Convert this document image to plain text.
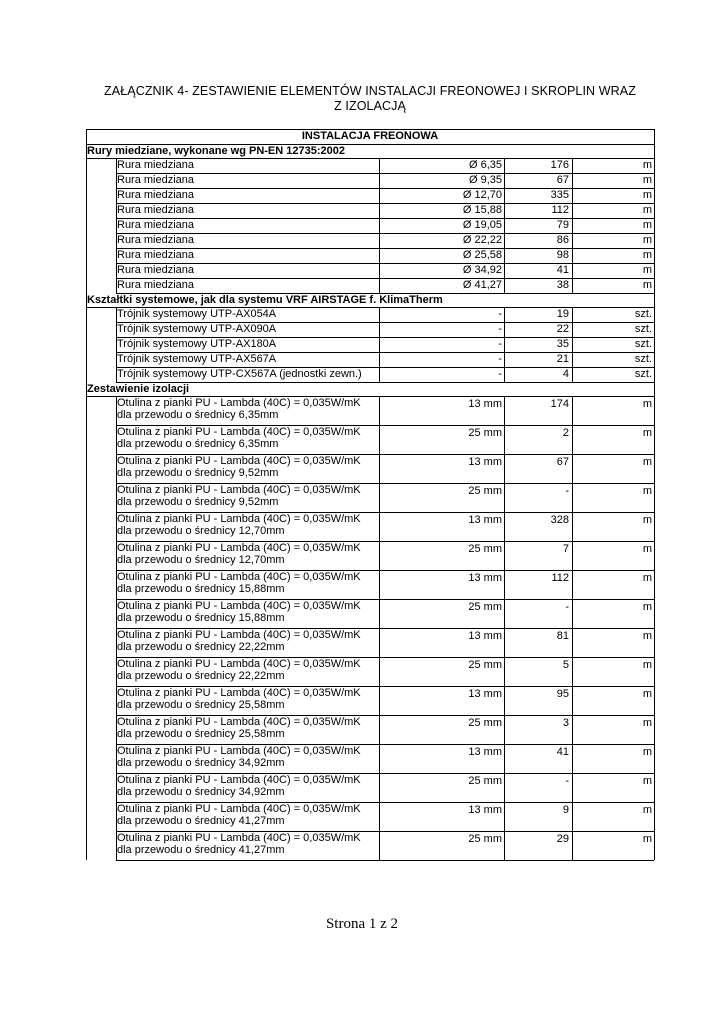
ZAŁĄCZNIK 4- ZESTAWIENIE ELEMENTÓW INSTALACJI FREONOWEJ I SKROPLIN WRAZ Z IZOLACJĄ
INSTALACJA FREONOWA
Rury miedziane, wykonane wg PN-EN 12735:2002
Rura miedziana	Ø 6,35	176	m
Rura miedziana	Ø 9,35	67	m
Rura miedziana	Ø 12,70	335	m
Rura miedziana	Ø 15,88	112	m
Rura miedziana	Ø 19,05	79	m
Rura miedziana	Ø 22,22	86	m
Rura miedziana	Ø 25,58	98	m
Rura miedziana	Ø 34,92	41	m
Rura miedziana	Ø 41,27	38	m
Kształtki systemowe, jak dla systemu VRF AIRSTAGE f. KlimaTherm
Trójnik systemowy UTP-AX054A	-	19	szt.
Trójnik systemowy UTP-AX090A	-	22	szt.
Trójnik systemowy UTP-AX180A	-	35	szt.
Trójnik systemowy UTP-AX567A	-	21	szt.
Trójnik systemowy UTP-CX567A (jednostki zewn.)	-	4	szt.
Zestawienie izolacji
Otulina z pianki PU - Lambda (40C) = 0,035W/mK
dla przewodu o średnicy 6,35mm
13 mm	174	m
Otulina z pianki PU - Lambda (40C) = 0,035W/mK
dla przewodu o średnicy 6,35mm
25 mm	2	m
Otulina z pianki PU - Lambda (40C) = 0,035W/mK
dla przewodu o średnicy 9,52mm
13 mm	67	m
Otulina z pianki PU - Lambda (40C) = 0,035W/mK
dla przewodu o średnicy 9,52mm
25 mm	-	m
Otulina z pianki PU - Lambda (40C) = 0,035W/mK
dla przewodu o średnicy 12,70mm
13 mm	328	m
Otulina z pianki PU - Lambda (40C) = 0,035W/mK
dla przewodu o średnicy 12,70mm
25 mm	7	m
Otulina z pianki PU - Lambda (40C) = 0,035W/mK
dla przewodu o średnicy 15,88mm
13 mm	112	m
Otulina z pianki PU - Lambda (40C) = 0,035W/mK
dla przewodu o średnicy 15,88mm
25 mm	-	m
Otulina z pianki PU - Lambda (40C) = 0,035W/mK
dla przewodu o średnicy 22,22mm
13 mm	81	m
Otulina z pianki PU - Lambda (40C) = 0,035W/mK
dla przewodu o średnicy 22,22mm
25 mm	5	m
Otulina z pianki PU - Lambda (40C) = 0,035W/mK
dla przewodu o średnicy 25,58mm
13 mm	95	m
Otulina z pianki PU - Lambda (40C) = 0,035W/mK
dla przewodu o średnicy 25,58mm
25 mm	3	m
Otulina z pianki PU - Lambda (40C) = 0,035W/mK
dla przewodu o średnicy 34,92mm
13 mm	41	m
Otulina z pianki PU - Lambda (40C) = 0,035W/mK
dla przewodu o średnicy 34,92mm
25 mm	-	m
Otulina z pianki PU - Lambda (40C) = 0,035W/mK
dla przewodu o średnicy 41,27mm
13 mm	9	m
Otulina z pianki PU - Lambda (40C) = 0,035W/mK
dla przewodu o średnicy 41,27mm
25 mm	29	m
Strona 1 z 2
